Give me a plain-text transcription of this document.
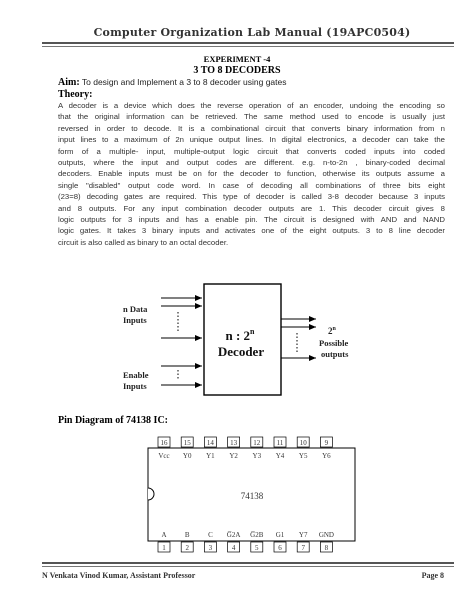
Computer Organization Lab Manual (19APC0504)
EXPERIMENT -4
3 TO 8 DECODERS
Aim: To design and Implement a 3 to 8 decoder using gates
Theory:
A decoder is a device which does the reverse operation of an encoder, undoing the encoding so
that the original information can be retrieved. The same method used to encode is usually just
reversed in order to decode. It is a combinational circuit that converts binary information from n
input lines to a maximum of 2n unique output lines. In digital electronics, a decoder can take the
form of a multiple- input, multiple-output logic circuit that converts coded inputs into coded
outputs, where the input and output codes are different. e.g. n-to-2n , binary-coded decimal
decoders. Enable inputs must be on for the decoder to function, otherwise its outputs assume a
single "disabled" output code word. In case of decoding all combinations of three bits eight
(23=8) decoding gates are required. This type of decoder is called 3-8 decoder because 3 inputs
and 8 outputs. For any input combination decoder outputs are 1. This decoder circuit gives 8
logic outputs for 3 inputs and has a enable pin. The circuit is designed with AND and NAND
logic gates. It takes 3 binary inputs and activates one of the eight outputs. 3 to 8 line decoder
circuit is also called as binary to an octal decoder.
n Data
Inputs
Enable
Inputs
n : 2$^n$
Decoder
2$^n$
Possible
outputs
Pin Diagram of 74138 IC:
74138
16
Vcc
15
Y0
14
Y1
13
Y2
12
Y3
11
Y4
10
Y5
9
Y6
1
A
2
B
3
C
4
G̅2A
5
G̅2B
6
G1
7
Y7
8
GND
N Venkata Vinod Kumar, Assistant Professor	Page 8
